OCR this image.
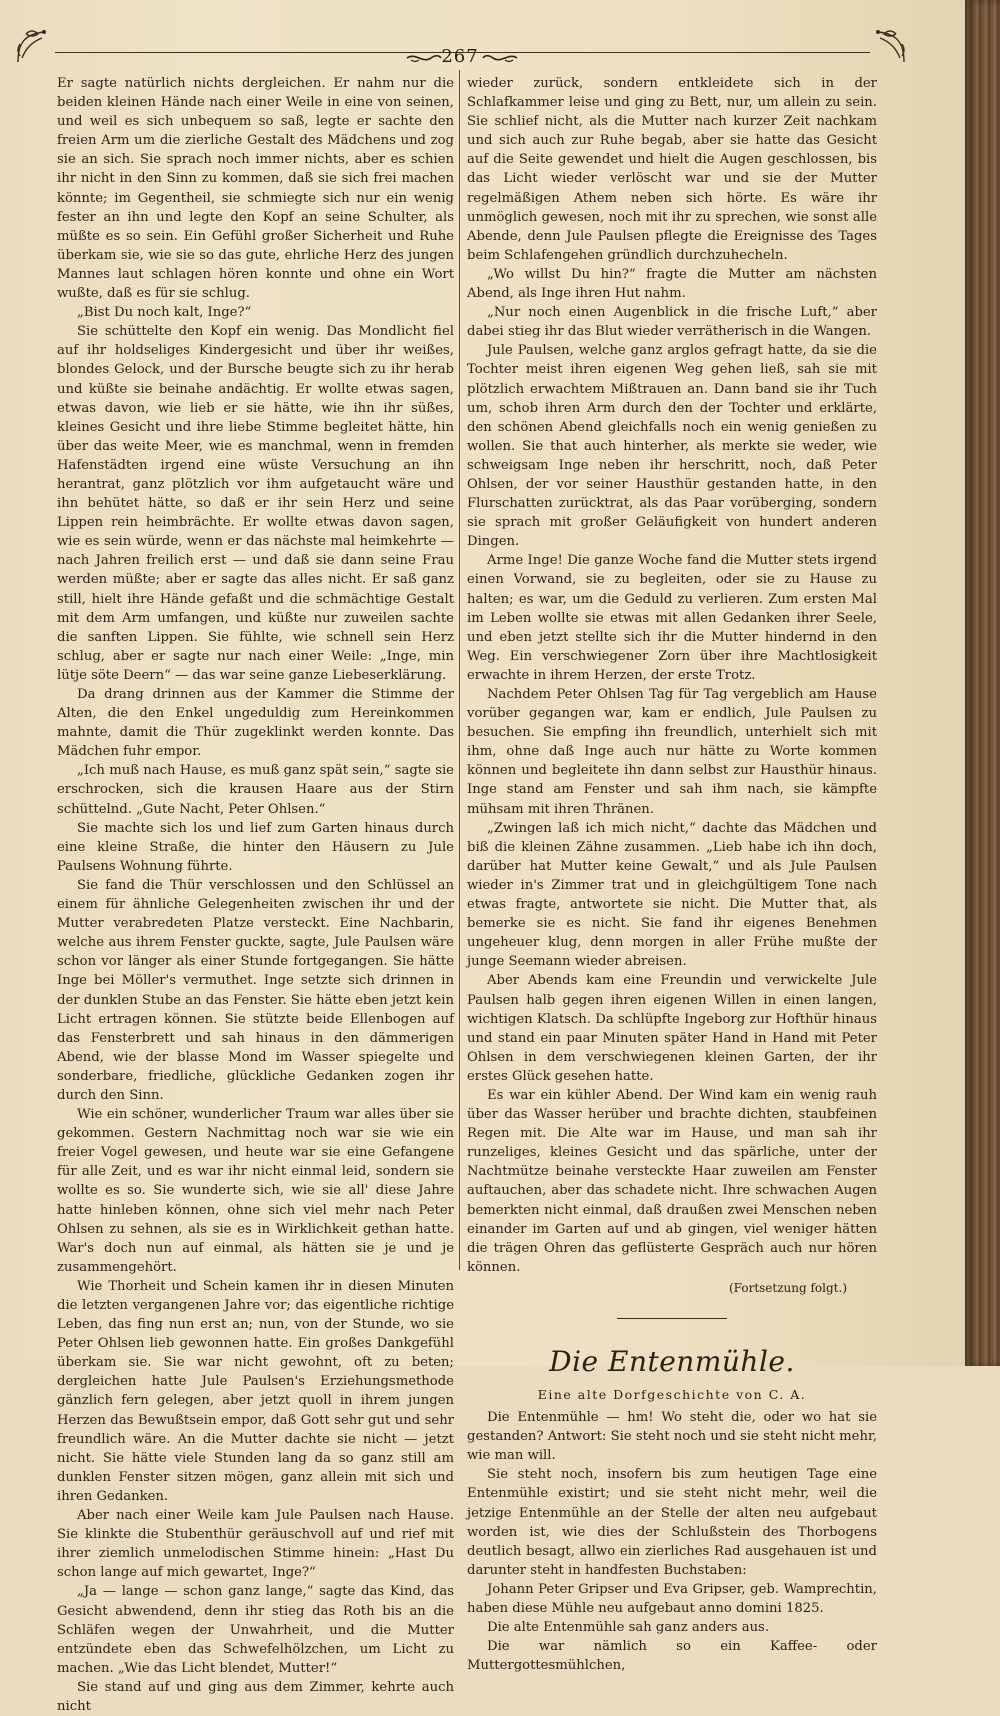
267

Er sagte natürlich nichts dergleichen. Er nahm nur die beiden kleinen Hände nach einer Weile in eine von seinen, und weil es sich unbequem so saß, legte er sachte den freien Arm um die zierliche Gestalt des Mädchens und zog sie an sich. Sie sprach noch immer nichts, aber es schien ihr nicht in den Sinn zu kommen, daß sie sich frei machen könnte; im Gegentheil, sie schmiegte sich nur ein wenig fester an ihn und legte den Kopf an seine Schulter, als müßte es so sein. Ein Gefühl großer Sicherheit und Ruhe überkam sie, wie sie so das gute, ehrliche Herz des jungen Mannes laut schlagen hören konnte und ohne ein Wort wußte, daß es für sie schlug.

„Bist Du noch kalt, Inge?“

Sie schüttelte den Kopf ein wenig. Das Mondlicht fiel auf ihr holdseliges Kindergesicht und über ihr weißes, blondes Gelock, und der Bursche beugte sich zu ihr herab und küßte sie beinahe andächtig. Er wollte etwas sagen, etwas davon, wie lieb er sie hätte, wie ihn ihr süßes, kleines Gesicht und ihre liebe Stimme begleitet hätte, hin über das weite Meer, wie es manchmal, wenn in fremden Hafenstädten irgend eine wüste Versuchung an ihn herantrat, ganz plötzlich vor ihm aufgetaucht wäre und ihn behütet hätte, so daß er ihr sein Herz und seine Lippen rein heimbrächte. Er wollte etwas davon sagen, wie es sein würde, wenn er das nächste mal heimkehrte — nach Jahren freilich erst — und daß sie dann seine Frau werden müßte; aber er sagte das alles nicht. Er saß ganz still, hielt ihre Hände gefaßt und die schmächtige Gestalt mit dem Arm umfangen, und küßte nur zuweilen sachte die sanften Lippen. Sie fühlte, wie schnell sein Herz schlug, aber er sagte nur nach einer Weile: „Inge, min lütje söte Deern“ — das war seine ganze Liebeserklärung.

Da drang drinnen aus der Kammer die Stimme der Alten, die den Enkel ungeduldig zum Hereinkommen mahnte, damit die Thür zugeklinkt werden konnte. Das Mädchen fuhr empor.

„Ich muß nach Hause, es muß ganz spät sein,“ sagte sie erschrocken, sich die krausen Haare aus der Stirn schüttelnd. „Gute Nacht, Peter Ohlsen.“

Sie machte sich los und lief zum Garten hinaus durch eine kleine Straße, die hinter den Häusern zu Jule Paulsens Wohnung führte.

Sie fand die Thür verschlossen und den Schlüssel an einem für ähnliche Gelegenheiten zwischen ihr und der Mutter verabredeten Platze versteckt. Eine Nachbarin, welche aus ihrem Fenster guckte, sagte, Jule Paulsen wäre schon vor länger als einer Stunde fortgegangen. Sie hätte Inge bei Möller's vermuthet. Inge setzte sich drinnen in der dunklen Stube an das Fenster. Sie hätte eben jetzt kein Licht ertragen können. Sie stützte beide Ellenbogen auf das Fensterbrett und sah hinaus in den dämmerigen Abend, wie der blasse Mond im Wasser spiegelte und sonderbare, friedliche, glückliche Gedanken zogen ihr durch den Sinn.

Wie ein schöner, wunderlicher Traum war alles über sie gekommen. Gestern Nachmittag noch war sie wie ein freier Vogel gewesen, und heute war sie eine Gefangene für alle Zeit, und es war ihr nicht einmal leid, sondern sie wollte es so. Sie wunderte sich, wie sie all' diese Jahre hatte hinleben können, ohne sich viel mehr nach Peter Ohlsen zu sehnen, als sie es in Wirklichkeit gethan hatte. War's doch nun auf einmal, als hätten sie je und je zusammengehört.

Wie Thorheit und Schein kamen ihr in diesen Minuten die letzten vergangenen Jahre vor; das eigentliche richtige Leben, das fing nun erst an; nun, von der Stunde, wo sie Peter Ohlsen lieb gewonnen hatte. Ein großes Dankgefühl überkam sie. Sie war nicht gewohnt, oft zu beten; dergleichen hatte Jule Paulsen's Erziehungsmethode gänzlich fern gelegen, aber jetzt quoll in ihrem jungen Herzen das Bewußtsein empor, daß Gott sehr gut und sehr freundlich wäre. An die Mutter dachte sie nicht — jetzt nicht. Sie hätte viele Stunden lang da so ganz still am dunklen Fenster sitzen mögen, ganz allein mit sich und ihren Gedanken.

Aber nach einer Weile kam Jule Paulsen nach Hause. Sie klinkte die Stubenthür geräuschvoll auf und rief mit ihrer ziemlich unmelodischen Stimme hinein: „Hast Du schon lange auf mich gewartet, Inge?“

„Ja — lange — schon ganz lange,“ sagte das Kind, das Gesicht abwendend, denn ihr stieg das Roth bis an die Schläfen wegen der Unwahrheit, und die Mutter entzündete eben das Schwefelhölzchen, um Licht zu machen. „Wie das Licht blendet, Mutter!“

Sie stand auf und ging aus dem Zimmer, kehrte auch nicht

wieder zurück, sondern entkleidete sich in der Schlafkammer leise und ging zu Bett, nur, um allein zu sein. Sie schlief nicht, als die Mutter nach kurzer Zeit nachkam und sich auch zur Ruhe begab, aber sie hatte das Gesicht auf die Seite gewendet und hielt die Augen geschlossen, bis das Licht wieder verlöscht war und sie der Mutter regelmäßigen Athem neben sich hörte. Es wäre ihr unmöglich gewesen, noch mit ihr zu sprechen, wie sonst alle Abende, denn Jule Paulsen pflegte die Ereignisse des Tages beim Schlafengehen gründlich durchzuhecheln.

„Wo willst Du hin?“ fragte die Mutter am nächsten Abend, als Inge ihren Hut nahm.

„Nur noch einen Augenblick in die frische Luft,“ aber dabei stieg ihr das Blut wieder verrätherisch in die Wangen.

Jule Paulsen, welche ganz arglos gefragt hatte, da sie die Tochter meist ihren eigenen Weg gehen ließ, sah sie mit plötzlich erwachtem Mißtrauen an. Dann band sie ihr Tuch um, schob ihren Arm durch den der Tochter und erklärte, den schönen Abend gleichfalls noch ein wenig genießen zu wollen. Sie that auch hinterher, als merkte sie weder, wie schweigsam Inge neben ihr herschritt, noch, daß Peter Ohlsen, der vor seiner Hausthür gestanden hatte, in den Flurschatten zurücktrat, als das Paar vorüberging, sondern sie sprach mit großer Geläufigkeit von hundert anderen Dingen.

Arme Inge! Die ganze Woche fand die Mutter stets irgend einen Vorwand, sie zu begleiten, oder sie zu Hause zu halten; es war, um die Geduld zu verlieren. Zum ersten Mal im Leben wollte sie etwas mit allen Gedanken ihrer Seele, und eben jetzt stellte sich ihr die Mutter hindernd in den Weg. Ein verschwiegener Zorn über ihre Machtlosigkeit erwachte in ihrem Herzen, der erste Trotz.

Nachdem Peter Ohlsen Tag für Tag vergeblich am Hause vorüber gegangen war, kam er endlich, Jule Paulsen zu besuchen. Sie empfing ihn freundlich, unterhielt sich mit ihm, ohne daß Inge auch nur hätte zu Worte kommen können und begleitete ihn dann selbst zur Hausthür hinaus. Inge stand am Fenster und sah ihm nach, sie kämpfte mühsam mit ihren Thränen.

„Zwingen laß ich mich nicht,“ dachte das Mädchen und biß die kleinen Zähne zusammen. „Lieb habe ich ihn doch, darüber hat Mutter keine Gewalt,“ und als Jule Paulsen wieder in's Zimmer trat und in gleichgültigem Tone nach etwas fragte, antwortete sie nicht. Die Mutter that, als bemerke sie es nicht. Sie fand ihr eigenes Benehmen ungeheuer klug, denn morgen in aller Frühe mußte der junge Seemann wieder abreisen.

Aber Abends kam eine Freundin und verwickelte Jule Paulsen halb gegen ihren eigenen Willen in einen langen, wichtigen Klatsch. Da schlüpfte Ingeborg zur Hofthür hinaus und stand ein paar Minuten später Hand in Hand mit Peter Ohlsen in dem verschwiegenen kleinen Garten, der ihr erstes Glück gesehen hatte.

Es war ein kühler Abend. Der Wind kam ein wenig rauh über das Wasser herüber und brachte dichten, staubfeinen Regen mit. Die Alte war im Hause, und man sah ihr runzeliges, kleines Gesicht und das spärliche, unter der Nachtmütze beinahe versteckte Haar zuweilen am Fenster auftauchen, aber das schadete nicht. Ihre schwachen Augen bemerkten nicht einmal, daß draußen zwei Menschen neben einander im Garten auf und ab gingen, viel weniger hätten die trägen Ohren das geflüsterte Gespräch auch nur hören können.

(Fortsetzung folgt.)
Die Entenmühle.
Eine alte Dorfgeschichte von C. A.

Die Entenmühle — hm! Wo steht die, oder wo hat sie gestanden? Antwort: Sie steht noch und sie steht nicht mehr, wie man will.

Sie steht noch, insofern bis zum heutigen Tage eine Entenmühle existirt; und sie steht nicht mehr, weil die jetzige Entenmühle an der Stelle der alten neu aufgebaut worden ist, wie dies der Schlußstein des Thorbogens deutlich besagt, allwo ein zierliches Rad ausgehauen ist und darunter steht in handfesten Buchstaben:

Johann Peter Gripser und Eva Gripser, geb. Wamprechtin, haben diese Mühle neu aufgebaut anno domini 1825.

Die alte Entenmühle sah ganz anders aus.

Die war nämlich so ein Kaffee- oder Muttergottesmühlchen,
